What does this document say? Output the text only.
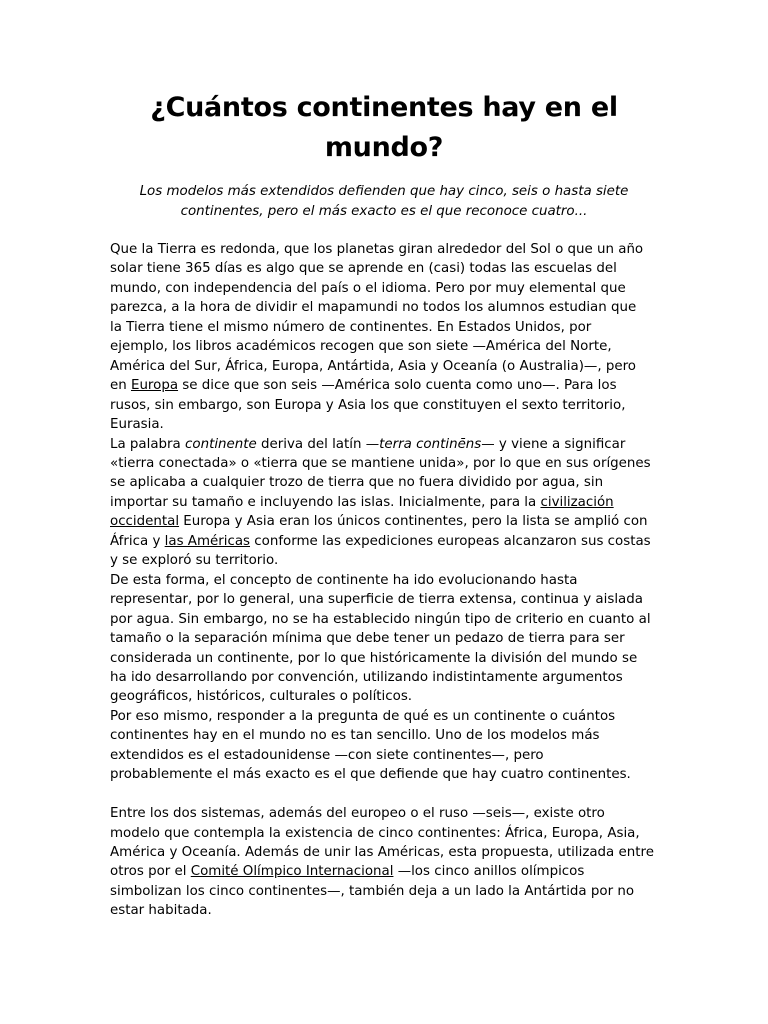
¿Cuántos continentes hay en el
mundo?

Los modelos más extendidos defienden que hay cinco, seis o hasta siete
continentes, pero el más exacto es el que reconoce cuatro...

Que la Tierra es redonda, que los planetas giran alrededor del Sol o que un año
solar tiene 365 días es algo que se aprende en (casi) todas las escuelas del
mundo, con independencia del país o el idioma. Pero por muy elemental que
parezca, a la hora de dividir el mapamundi no todos los alumnos estudian que
la Tierra tiene el mismo número de continentes. En Estados Unidos, por
ejemplo, los libros académicos recogen que son siete —América del Norte,
América del Sur, África, Europa, Antártida, Asia y Oceanía (o Australia)—, pero
en Europa se dice que son seis —América solo cuenta como uno—. Para los
rusos, sin embargo, son Europa y Asia los que constituyen el sexto territorio,
Eurasia.
La palabra continente deriva del latín —terra continēns— y viene a significar
«tierra conectada» o «tierra que se mantiene unida», por lo que en sus orígenes
se aplicaba a cualquier trozo de tierra que no fuera dividido por agua, sin
importar su tamaño e incluyendo las islas. Inicialmente, para la civilización
occidental Europa y Asia eran los únicos continentes, pero la lista se amplió con
África y las Américas conforme las expediciones europeas alcanzaron sus costas
y se exploró su territorio.
De esta forma, el concepto de continente ha ido evolucionando hasta
representar, por lo general, una superficie de tierra extensa, continua y aislada
por agua. Sin embargo, no se ha establecido ningún tipo de criterio en cuanto al
tamaño o la separación mínima que debe tener un pedazo de tierra para ser
considerada un continente, por lo que históricamente la división del mundo se
ha ido desarrollando por convención, utilizando indistintamente argumentos
geográficos, históricos, culturales o políticos.
Por eso mismo, responder a la pregunta de qué es un continente o cuántos
continentes hay en el mundo no es tan sencillo. Uno de los modelos más
extendidos es el estadounidense —con siete continentes—, pero
probablemente el más exacto es el que defiende que hay cuatro continentes.
Entre los dos sistemas, además del europeo o el ruso —seis—, existe otro
modelo que contempla la existencia de cinco continentes: África, Europa, Asia,
América y Oceanía. Además de unir las Américas, esta propuesta, utilizada entre
otros por el Comité Olímpico Internacional —los cinco anillos olímpicos
simbolizan los cinco continentes—, también deja a un lado la Antártida por no
estar habitada.
